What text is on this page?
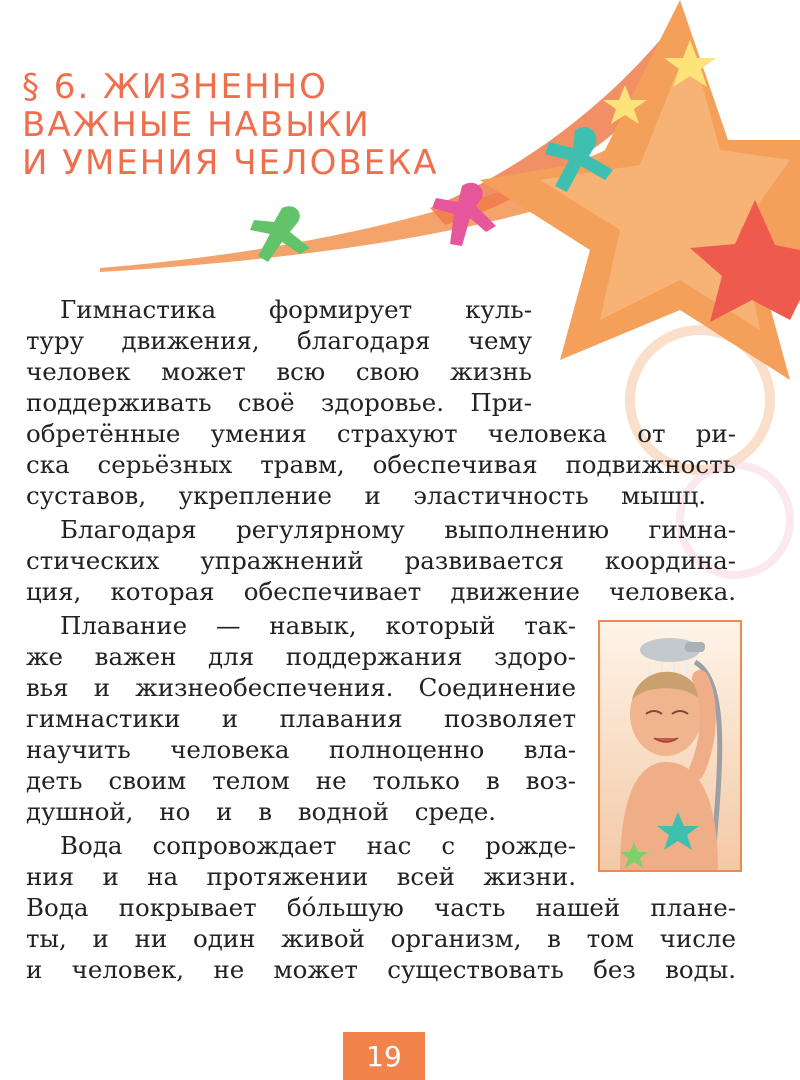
§ 6. ЖИЗНЕННО
ВАЖНЫЕ НАВЫКИ
И УМЕНИЯ ЧЕЛОВЕКА
Гимнастика формирует куль-
туру движения, благодаря чему
человек может всю свою жизнь
поддерживать своё здоровье. При-
обретённые умения страхуют человека от ри-
ска серьёзных травм, обеспечивая подвижность
суставов, укрепление и эластичность мышц.
Благодаря регулярному выполнению гимна-
стических упражнений развивается координа-
ция, которая обеспечивает движение человека.
Плавание — навык, который так-
же важен для поддержания здоро-
вья и жизнеобеспечения. Соединение
гимнастики и плавания позволяет
научить человека полноценно вла-
деть своим телом не только в воз-
душной, но и в водной среде.
Вода сопровождает нас с рожде-
ния и на протяжении всей жизни.
Вода покрывает бо́льшую часть нашей плане-
ты, и ни один живой организм, в том числе
и человек, не может существовать без воды.
19
